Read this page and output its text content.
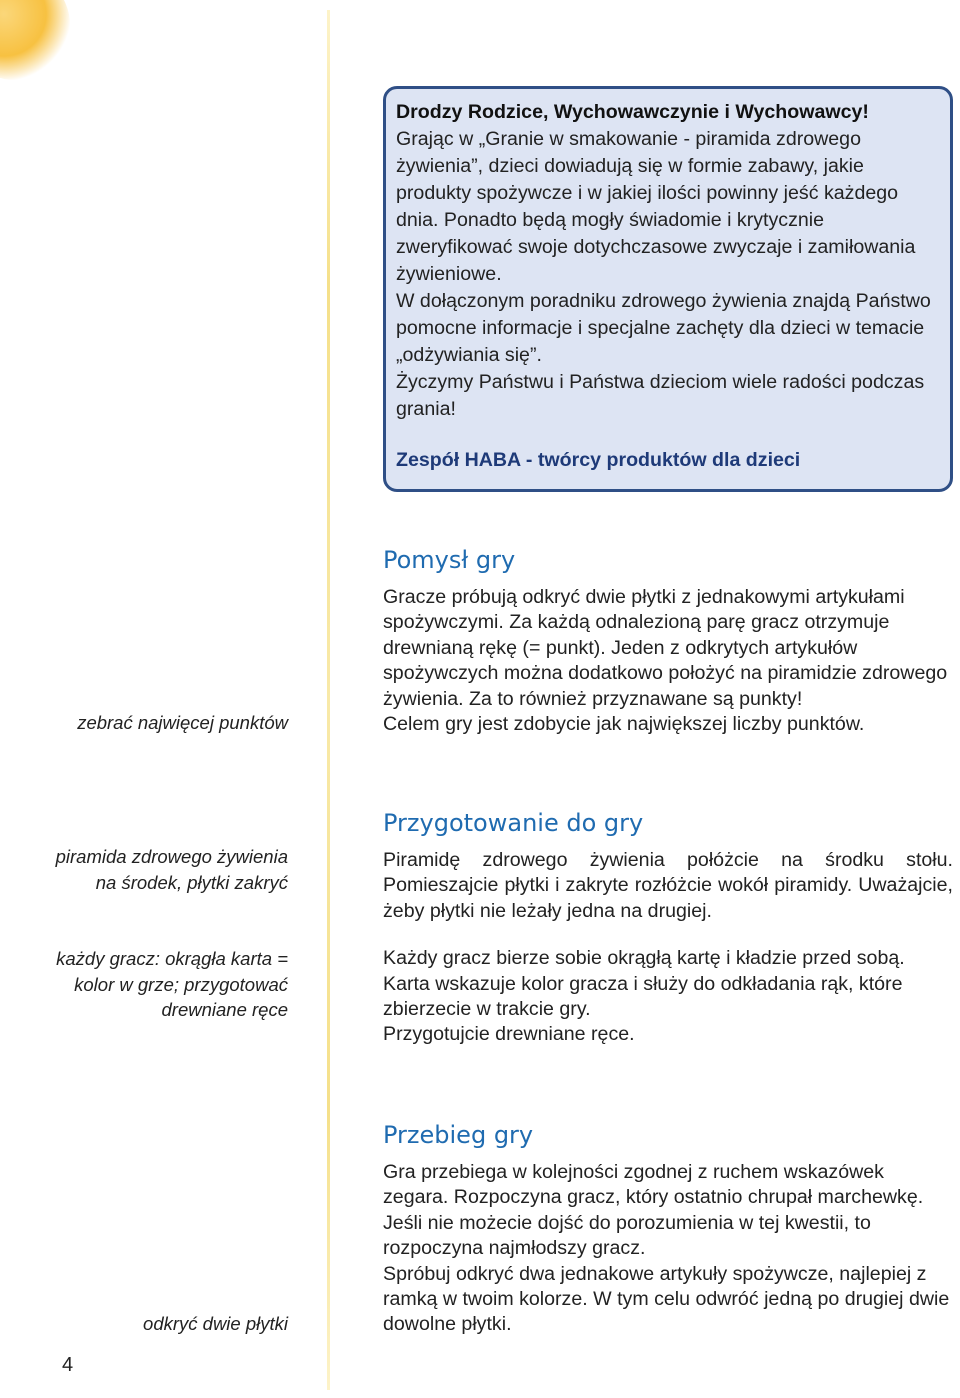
Drodzy Rodzice, Wychowawczynie i Wychowawcy!

Grając w „Granie w smakowanie - piramida zdrowego żywienia”, dzieci dowiadują się w formie zabawy, jakie produkty spożywcze i w jakiej ilości powinny jeść każdego dnia. Ponadto będą mogły świadomie i krytycznie zweryfikować swoje dotychczasowe zwyczaje i zamiłowania żywieniowe.

W dołączonym poradniku zdrowego żywienia znajdą Państwo pomocne informacje i specjalne zachęty dla dzieci w temacie „odżywiania się”.

Życzymy Państwu i Państwa dzieciom wiele radości podczas grania!

Zespół HABA - twórcy produktów dla dzieci

Pomysł gry

Gracze próbują odkryć dwie płytki z jednakowymi artykułami spożywczymi. Za każdą odnalezioną parę gracz otrzymuje drewnianą rękę (= punkt). Jeden z odkrytych artykułów spożywczych można dodatkowo położyć na piramidzie zdrowego żywienia. Za to również przyznawane są punkty!

Celem gry jest zdobycie jak największej liczby punktów.

Przygotowanie do gry

Piramidę zdrowego żywienia połóżcie na środku stołu. Pomieszajcie płytki i zakryte rozłóżcie wokół piramidy. Uważajcie, żeby płytki nie leżały jedna na drugiej.

Każdy gracz bierze sobie okrągłą kartę i kładzie przed sobą. Karta wskazuje kolor gracza i służy do odkładania rąk, które zbierzecie w trakcie gry.

Przygotujcie drewniane ręce.

Przebieg gry

Gra przebiega w kolejności zgodnej z ruchem wskazówek zegara. Rozpoczyna gracz, który ostatnio chrupał marchewkę. Jeśli nie możecie dojść do porozumienia w tej kwestii, to rozpoczyna najmłodszy gracz.

Spróbuj odkryć dwa jednakowe artykuły spożywcze, najlepiej z ramką w twoim kolorze. W tym celu odwróć jedną po drugiej dwie dowolne płytki.

zebrać najwięcej punktów

piramida zdrowego żywienia na środek, płytki zakryć

każdy gracz: okrągła karta = kolor w grze; przygotować drewniane ręce

odkryć dwie płytki

4
